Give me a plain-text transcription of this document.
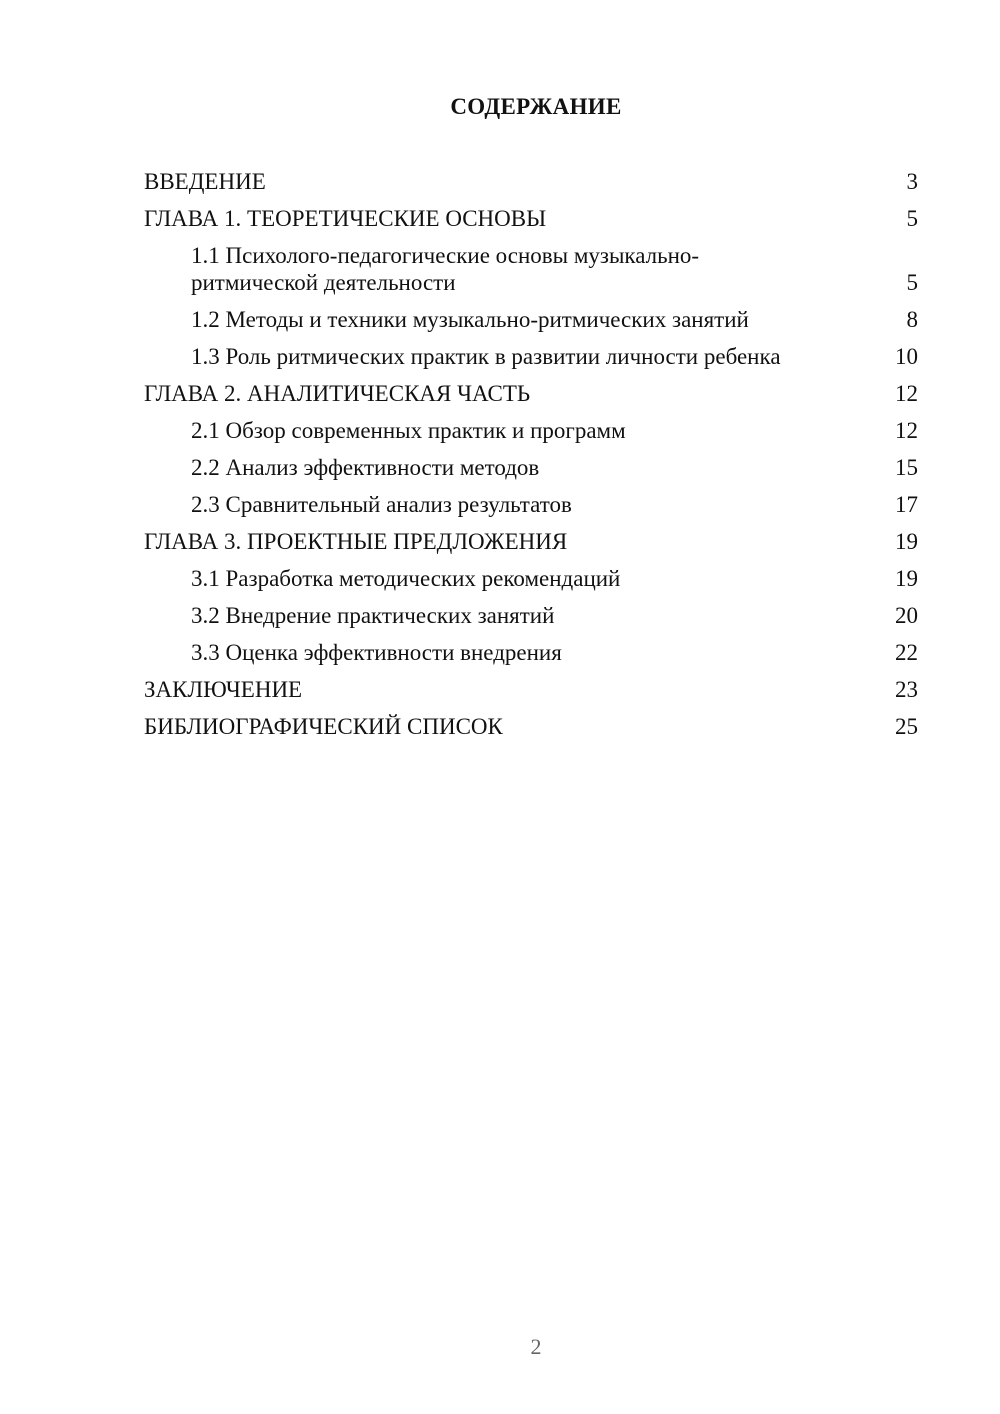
СОДЕРЖАНИЕ
ВВЕДЕНИЕ	3
ГЛАВА 1. ТЕОРЕТИЧЕСКИЕ ОСНОВЫ	5
1.1 Психолого-педагогические основы музыкально-ритмической деятельности	5
1.2 Методы и техники музыкально-ритмических занятий	8
1.3 Роль ритмических практик в развитии личности ребенка	10
ГЛАВА 2. АНАЛИТИЧЕСКАЯ ЧАСТЬ	12
2.1 Обзор современных практик и программ	12
2.2 Анализ эффективности методов	15
2.3 Сравнительный анализ результатов	17
ГЛАВА 3. ПРОЕКТНЫЕ ПРЕДЛОЖЕНИЯ	19
3.1 Разработка методических рекомендаций	19
3.2 Внедрение практических занятий	20
3.3 Оценка эффективности внедрения	22
ЗАКЛЮЧЕНИЕ	23
БИБЛИОГРАФИЧЕСКИЙ СПИСОК	25
2
